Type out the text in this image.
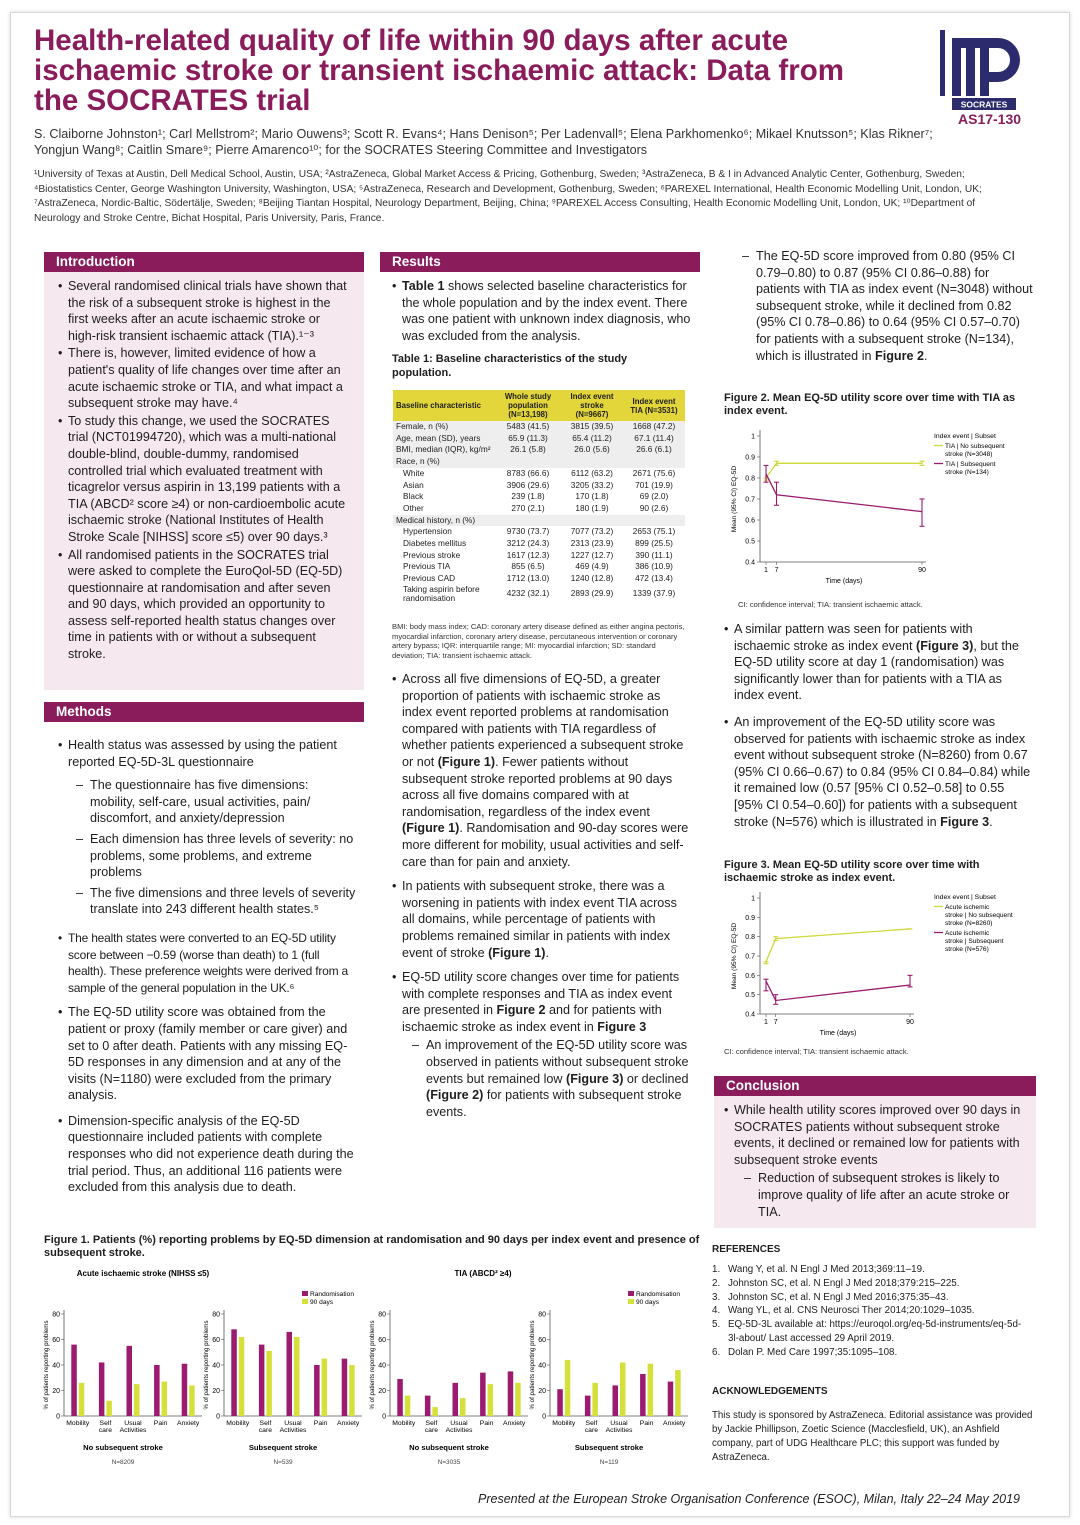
Health-related quality of life within 90 days after acute ischaemic stroke or transient ischaemic attack: Data from the SOCRATES trial	SOCRATES
AS17-130
S. Claiborne Johnston¹; Carl Mellstrom²; Mario Ouwens³; Scott R. Evans⁴; Hans Denison⁵; Per Ladenvall⁵; Elena Parkhomenko⁶; Mikael Knutsson⁵; Klas Rikner⁷; Yongjun Wang⁸; Caitlin Smare⁹; Pierre Amarenco¹⁰; for the SOCRATES Steering Committee and Investigators
¹University of Texas at Austin, Dell Medical School, Austin, USA; ²AstraZeneca, Global Market Access & Pricing, Gothenburg, Sweden; ³AstraZeneca, B & I in Advanced Analytic Center, Gothenburg, Sweden; ⁴Biostatistics Center, George Washington University, Washington, USA; ⁵AstraZeneca, Research and Development, Gothenburg, Sweden; ⁶PAREXEL International, Health Economic Modelling Unit, London, UK; ⁷AstraZeneca, Nordic-Baltic, Södertälje, Sweden; ⁸Beijing Tiantan Hospital, Neurology Department, Beijing, China; ⁹PAREXEL Access Consulting, Health Economic Modelling Unit, London, UK; ¹⁰Department of Neurology and Stroke Centre, Bichat Hospital, Paris University, Paris, France.
Introduction
• Several randomised clinical trials have shown that the risk of a subsequent stroke is highest in the first weeks after an acute ischaemic stroke or high-risk transient ischaemic attack (TIA).¹⁻³
• There is, however, limited evidence of how a patient's quality of life changes over time after an acute ischaemic stroke or TIA, and what impact a subsequent stroke may have.⁴
• To study this change, we used the SOCRATES trial (NCT01994720), which was a multi-national double-blind, double-dummy, randomised controlled trial which evaluated treatment with ticagrelor versus aspirin in 13,199 patients with a TIA (ABCD² score ≥4) or non-cardioembolic acute ischaemic stroke (National Institutes of Health Stroke Scale [NIHSS] score ≤5) over 90 days.³
• All randomised patients in the SOCRATES trial were asked to complete the EuroQol-5D (EQ-5D) questionnaire at randomisation and after seven and 90 days, which provided an opportunity to assess self-reported health status changes over time in patients with or without a subsequent stroke.
Methods
• Health status was assessed by using the patient reported EQ-5D-3L questionnaire
– The questionnaire has five dimensions: mobility, self-care, usual activities, pain/ discomfort, and anxiety/depression
– Each dimension has three levels of severity: no problems, some problems, and extreme problems
– The five dimensions and three levels of severity translate into 243 different health states.⁵
• The health states were converted to an EQ-5D utility score between −0.59 (worse than death) to 1 (full health). These preference weights were derived from a sample of the general population in the UK.⁶
• The EQ-5D utility score was obtained from the patient or proxy (family member or care giver) and set to 0 after death. Patients with any missing EQ-5D responses in any dimension and at any of the visits (N=1180) were excluded from the primary analysis.
• Dimension-specific analysis of the EQ-5D questionnaire included patients with complete responses who did not experience death during the trial period. Thus, an additional 116 patients were excluded from this analysis due to death.
Results
• Table 1 shows selected baseline characteristics for the whole population and by the index event. There was one patient with unknown index diagnosis, who was excluded from the analysis.
Table 1: Baseline characteristics of the study population.
Baseline characteristic	Whole study population (N=13,198)	Index event stroke (N=9667)	Index event TIA (N=3531)
Female, n (%)	5483 (41.5)	3815 (39.5)	1668 (47.2)
Age, mean (SD), years	65.9 (11.3)	65.4 (11.2)	67.1 (11.4)
BMI, median (IQR), kg/m²	26.1 (5.8)	26.0 (5.6)	26.6 (6.1)
Race, n (%)			
White	8783 (66.6)	6112 (63.2)	2671 (75.6)
Asian	3906 (29.6)	3205 (33.2)	701 (19.9)
Black	239 (1.8)	170 (1.8)	69 (2.0)
Other	270 (2.1)	180 (1.9)	90 (2.6)
Medical history, n (%)			
Hypertension	9730 (73.7)	7077 (73.2)	2653 (75.1)
Diabetes mellitus	3212 (24.3)	2313 (23.9)	899 (25.5)
Previous stroke	1617 (12.3)	1227 (12.7)	390 (11.1)
Previous TIA	855 (6.5)	469 (4.9)	386 (10.9)
Previous CAD	1712 (13.0)	1240 (12.8)	472 (13.4)
Taking aspirin before randomisation	4232 (32.1)	2893 (29.9)	1339 (37.9)
BMI: body mass index; CAD: coronary artery disease defined as either angina pectoris, myocardial infarction, coronary artery disease, percutaneous intervention or coronary artery bypass; IQR: interquartile range; MI: myocardial infarction; SD: standard deviation; TIA: transient ischaemic attack.
• Across all five dimensions of EQ-5D, a greater proportion of patients with ischaemic stroke as index event reported problems at randomisation compared with patients with TIA regardless of whether patients experienced a subsequent stroke or not (Figure 1). Fewer patients without subsequent stroke reported problems at 90 days across all five domains compared with at randomisation, regardless of the index event (Figure 1). Randomisation and 90-day scores were more different for mobility, usual activities and self-care than for pain and anxiety.
• In patients with subsequent stroke, there was a worsening in patients with index event TIA across all domains, while percentage of patients with problems remained similar in patients with index event of stroke (Figure 1).
• EQ-5D utility score changes over time for patients with complete responses and TIA as index event are presented in Figure 2 and for patients with ischaemic stroke as index event in Figure 3
– An improvement of the EQ-5D utility score was observed in patients without subsequent stroke events but remained low (Figure 3) or declined (Figure 2) for patients with subsequent stroke events.
– The EQ-5D score improved from 0.80 (95% CI 0.79–0.80) to 0.87 (95% CI 0.86–0.88) for patients with TIA as index event (N=3048) without subsequent stroke, while it declined from 0.82 (95% CI 0.78–0.86) to 0.64 (95% CI 0.57–0.70) for patients with a subsequent stroke (N=134), which is illustrated in Figure 2.
Figure 2. Mean EQ-5D utility score over time with TIA as index event.
0.4
0.5
0.6
0.7
0.8
0.9
1
1 7	90
Time (days)
Mean (95% CI) EQ-5D
Index event | Subset
TIA | No subsequent
stroke (N=3048)
TIA | Subsequent
stroke (N=134)
CI: confidence interval; TIA: transient ischaemic attack.
• A similar pattern was seen for patients with ischaemic stroke as index event (Figure 3), but the EQ-5D utility score at day 1 (randomisation) was significantly lower than for patients with a TIA as index event.
• An improvement of the EQ-5D utility score was observed for patients with ischaemic stroke as index event without subsequent stroke (N=8260) from 0.67 (95% CI 0.66–0.67) to 0.84 (95% CI 0.84–0.84) while it remained low (0.57 [95% CI 0.52–0.58] to 0.55 [95% CI 0.54–0.60]) for patients with a subsequent stroke (N=576) which is illustrated in Figure 3.
Figure 3. Mean EQ-5D utility score over time with ischaemic stroke as index event.
0.4
0.5
0.6
0.7
0.8
0.9
1
1 7	90
Time (days)
Mean (95% CI) EQ-5D
Index event | Subset
Acute ischemic
stroke | No subsequent
stroke (N=8260)
Acute ischemic
stroke | Subsequent
stroke (N=576)
CI: confidence interval; TIA: transient ischaemic attack.
Conclusion
• While health utility scores improved over 90 days in SOCRATES patients without subsequent stroke events, it declined or remained low for patients with subsequent stroke events
– Reduction of subsequent strokes is likely to improve quality of life after an acute stroke or TIA.
Figure 1. Patients (%) reporting problems by EQ-5D dimension at randomisation and 90 days per index event and presence of subsequent stroke.
Acute ischaemic stroke (NIHSS ≤5)
0
20
40
60
80
% of patients reporting problems
Mobility Self
care
Usual
Activities
Pain Anxiety
No subsequent stroke
N=8209
0
20
40
60
80
% of patients reporting problems
Mobility Self
care
Usual
Activities
Pain Anxiety
Subsequent stroke
N=539
Randomisation
90 days
TIA (ABCD² ≥4)
0
20
40
60
80
% of patients reporting problems
Mobility Self
care
Usual
Activities
Pain Anxiety
No subsequent stroke
N=3035
0
20
40
60
80
% of patients reporting problems
Mobility Self
care
Usual
Activities
Pain Anxiety
Subsequent stroke
N=119
Randomisation
90 days
REFERENCES
1. Wang Y, et al. N Engl J Med 2013;369:11–19.
2. Johnston SC, et al. N Engl J Med 2018;379:215–225.
3. Johnston SC, et al. N Engl J Med 2016;375:35–43.
4. Wang YL, et al. CNS Neurosci Ther 2014;20:1029–1035.
5. EQ-5D-3L available at: https://euroqol.org/eq-5d-instruments/eq-5d-3l-about/ Last accessed 29 April 2019.
6. Dolan P. Med Care 1997;35:1095–108.
ACKNOWLEDGEMENTS

This study is sponsored by AstraZeneca. Editorial assistance was provided by Jackie Phillipson, Zoetic Science (Macclesfield, UK), an Ashfield company, part of UDG Healthcare PLC; this support was funded by AstraZeneca.

Presented at the European Stroke Organisation Conference (ESOC), Milan, Italy 22–24 May 2019
